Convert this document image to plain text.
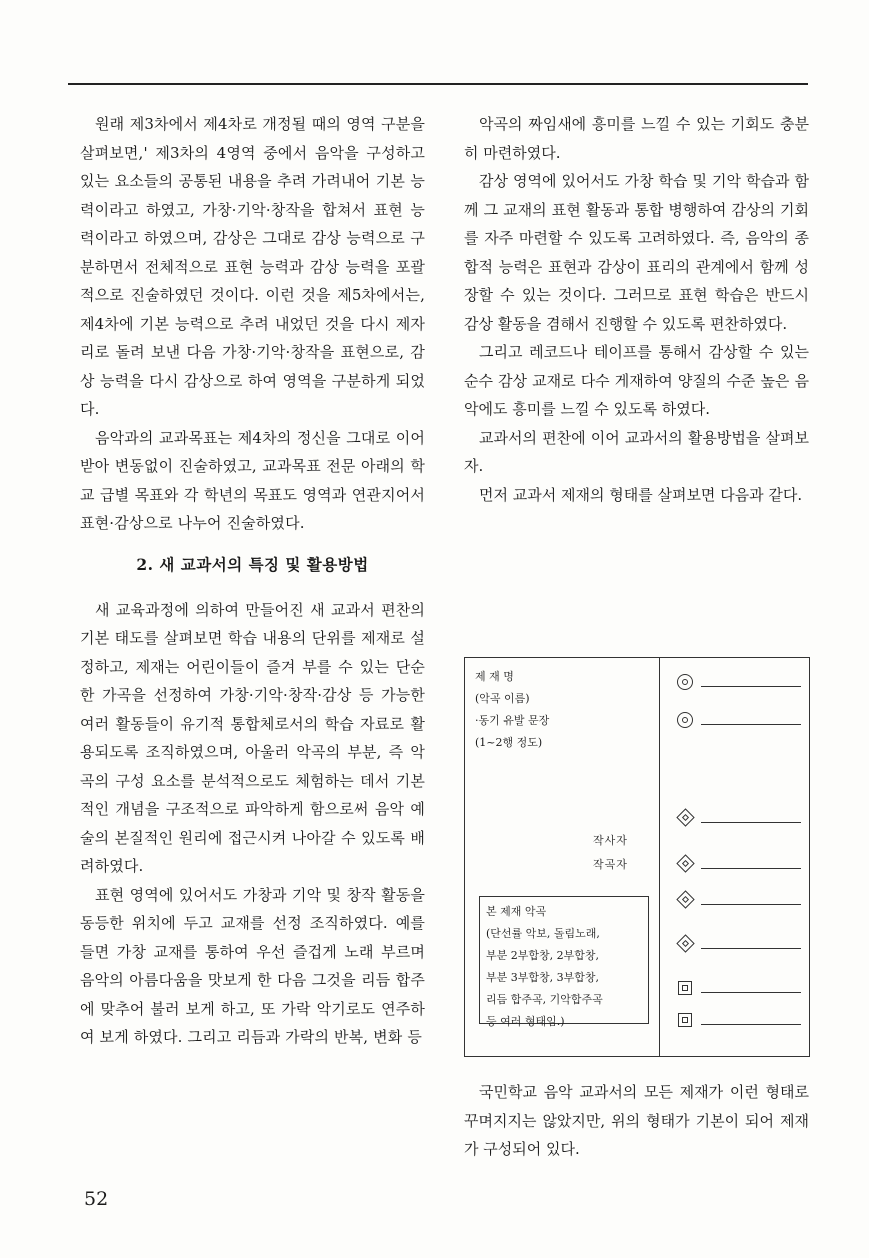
원래 제3차에서 제4차로 개정될 때의 영역 구분을 살펴보면,' 제3차의 4영역 중에서 음악을 구성하고 있는 요소들의 공통된 내용을 추려 가려내어 기본 능력이라고 하였고, 가창·기악·창작을 합쳐서 표현 능력이라고 하였으며, 감상은 그대로 감상 능력으로 구분하면서 전체적으로 표현 능력과 감상 능력을 포괄적으로 진술하였던 것이다. 이런 것을 제5차에서는, 제4차에 기본 능력으로 추려 내었던 것을 다시 제자리로 돌려 보낸 다음 가창·기악·창작을 표현으로, 감상 능력을 다시 감상으로 하여 영역을 구분하게 되었다.

음악과의 교과목표는 제4차의 정신을 그대로 이어 받아 변동없이 진술하였고, 교과목표 전문 아래의 학교 급별 목표와 각 학년의 목표도 영역과 연관지어서 표현·감상으로 나누어 진술하였다.

2. 새 교과서의 특징 및 활용방법

새 교육과정에 의하여 만들어진 새 교과서 편찬의 기본 태도를 살펴보면 학습 내용의 단위를 제재로 설정하고, 제재는 어린이들이 즐겨 부를 수 있는 단순한 가곡을 선정하여 가창·기악·창작·감상 등 가능한 여러 활동들이 유기적 통합체로서의 학습 자료로 활용되도록 조직하였으며, 아울러 악곡의 부분, 즉 악곡의 구성 요소를 분석적으로도 체험하는 데서 기본적인 개념을 구조적으로 파악하게 함으로써 음악 예술의 본질적인 원리에 접근시켜 나아갈 수 있도록 배려하였다.

표현 영역에 있어서도 가창과 기악 및 창작 활동을 동등한 위치에 두고 교재를 선정 조직하였다. 예를 들면 가창 교재를 통하여 우선 즐겁게 노래 부르며 음악의 아름다움을 맛보게 한 다음 그것을 리듬 합주에 맞추어 불러 보게 하고, 또 가락 악기로도 연주하여 보게 하였다. 그리고 리듬과 가락의 반복, 변화 등

악곡의 짜임새에 흥미를 느낄 수 있는 기회도 충분히 마련하였다.

감상 영역에 있어서도 가창 학습 및 기악 학습과 함께 그 교재의 표현 활동과 통합 병행하여 감상의 기회를 자주 마련할 수 있도록 고려하였다. 즉, 음악의 종합적 능력은 표현과 감상이 표리의 관계에서 함께 성장할 수 있는 것이다. 그러므로 표현 학습은 반드시 감상 활동을 겸해서 진행할 수 있도록 편찬하였다.

그리고 레코드나 테이프를 통해서 감상할 수 있는 순수 감상 교재로 다수 게재하여 양질의 수준 높은 음악에도 흥미를 느낄 수 있도록 하였다.

교과서의 편찬에 이어 교과서의 활용방법을 살펴보자.

먼저 교과서 제재의 형태를 살펴보면 다음과 같다.

제 재 명
(악곡 이름)
·동기 유발 문장
(1~2행 정도)
작사자
작곡자
본 제재 악곡
(단선률 악보, 돌림노래,
부분 2부합창, 2부합창,
부분 3부합창, 3부합창,
리듬 합주곡, 기악합주곡
등 여러 형태임.)

국민학교 음악 교과서의 모든 제재가 이런 형태로 꾸며지지는 않았지만, 위의 형태가 기본이 되어 제재가 구성되어 있다.

52
